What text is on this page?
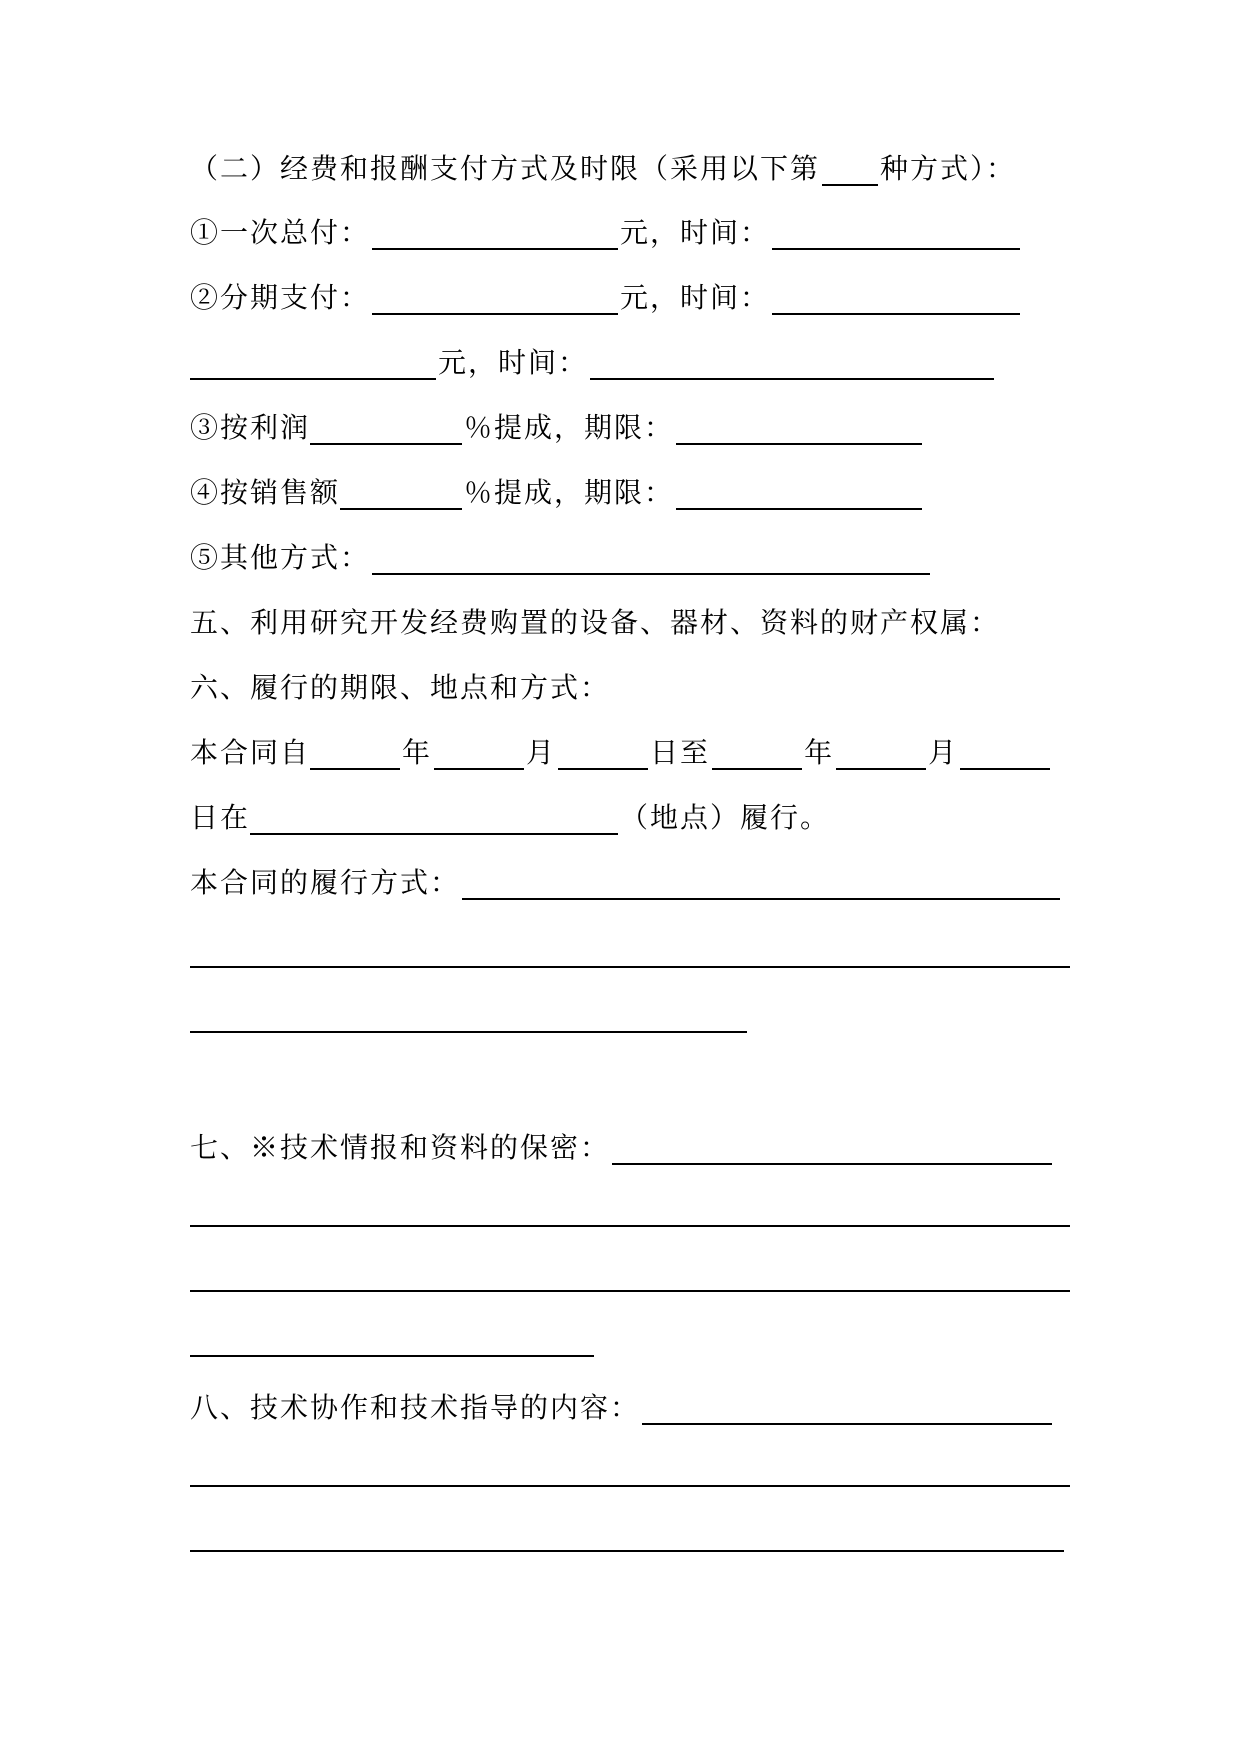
（二）经费和报酬支付方式及时限（采用以下第 种方式）：
①一次总付：	元，时间：
②分期支付：	元，时间：
元，时间：
③按利润	％提成，期限：
④按销售额	％提成，期限：
⑤其他方式：
五、利用研究开发经费购置的设备、器材、资料的财产权属：
六、履行的期限、地点和方式：
本合同自	年	月	日至	年	月
日在	（地点）履行。
本合同的履行方式：
七、※技术情报和资料的保密：
八、技术协作和技术指导的内容：
